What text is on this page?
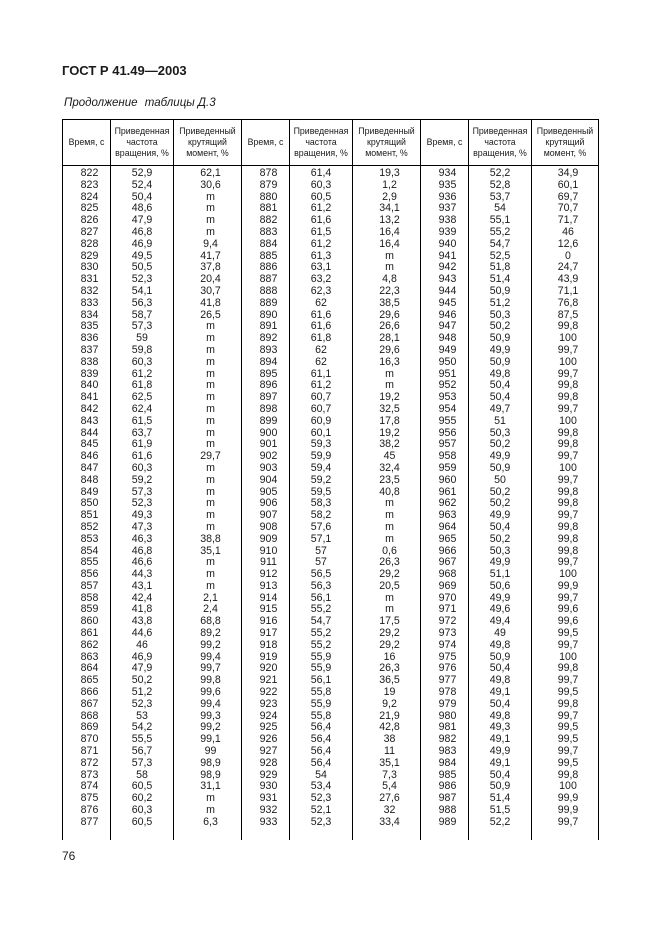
ГОСТ Р 41.49—2003
Продолжение таблицы Д.3
Время, с	Приведенная частота вращения, %	Приведенный крутящий момент, %	Время, с	Приведенная частота вращения, %	Приведенный крутящий момент, %	Время, с	Приведенная частота вращения, %	Приведенный крутящий момент, %
822	52,9	62,1	878	61,4	19,3	934	52,2	34,9
823	52,4	30,6	879	60,3	1,2	935	52,8	60,1
824	50,4	m	880	60,5	2,9	936	53,7	69,7
825	48,6	m	881	61,2	34,1	937	54	70,7
826	47,9	m	882	61,6	13,2	938	55,1	71,7
827	46,8	m	883	61,5	16,4	939	55,2	46
828	46,9	9,4	884	61,2	16,4	940	54,7	12,6
829	49,5	41,7	885	61,3	m	941	52,5	0
830	50,5	37,8	886	63,1	m	942	51,8	24,7
831	52,3	20,4	887	63,2	4,8	943	51,4	43,9
832	54,1	30,7	888	62,3	22,3	944	50,9	71,1
833	56,3	41,8	889	62	38,5	945	51,2	76,8
834	58,7	26,5	890	61,6	29,6	946	50,3	87,5
835	57,3	m	891	61,6	26,6	947	50,2	99,8
836	59	m	892	61,8	28,1	948	50,9	100
837	59,8	m	893	62	29,6	949	49,9	99,7
838	60,3	m	894	62	16,3	950	50,9	100
839	61,2	m	895	61,1	m	951	49,8	99,7
840	61,8	m	896	61,2	m	952	50,4	99,8
841	62,5	m	897	60,7	19,2	953	50,4	99,8
842	62,4	m	898	60,7	32,5	954	49,7	99,7
843	61,5	m	899	60,9	17,8	955	51	100
844	63,7	m	900	60,1	19,2	956	50,3	99,8
845	61,9	m	901	59,3	38,2	957	50,2	99,8
846	61,6	29,7	902	59,9	45	958	49,9	99,7
847	60,3	m	903	59,4	32,4	959	50,9	100
848	59,2	m	904	59,2	23,5	960	50	99,7
849	57,3	m	905	59,5	40,8	961	50,2	99,8
850	52,3	m	906	58,3	m	962	50,2	99,8
851	49,3	m	907	58,2	m	963	49,9	99,7
852	47,3	m	908	57,6	m	964	50,4	99,8
853	46,3	38,8	909	57,1	m	965	50,2	99,8
854	46,8	35,1	910	57	0,6	966	50,3	99,8
855	46,6	m	911	57	26,3	967	49,9	99,7
856	44,3	m	912	56,5	29,2	968	51,1	100
857	43,1	m	913	56,3	20,5	969	50,6	99,9
858	42,4	2,1	914	56,1	m	970	49,9	99,7
859	41,8	2,4	915	55,2	m	971	49,6	99,6
860	43,8	68,8	916	54,7	17,5	972	49,4	99,6
861	44,6	89,2	917	55,2	29,2	973	49	99,5
862	46	99,2	918	55,2	29,2	974	49,8	99,7
863	46,9	99,4	919	55,9	16	975	50,9	100
864	47,9	99,7	920	55,9	26,3	976	50,4	99,8
865	50,2	99,8	921	56,1	36,5	977	49,8	99,7
866	51,2	99,6	922	55,8	19	978	49,1	99,5
867	52,3	99,4	923	55,9	9,2	979	50,4	99,8
868	53	99,3	924	55,8	21,9	980	49,8	99,7
869	54,2	99,2	925	56,4	42,8	981	49,3	99,5
870	55,5	99,1	926	56,4	38	982	49,1	99,5
871	56,7	99	927	56,4	11	983	49,9	99,7
872	57,3	98,9	928	56,4	35,1	984	49,1	99,5
873	58	98,9	929	54	7,3	985	50,4	99,8
874	60,5	31,1	930	53,4	5,4	986	50,9	100
875	60,2	m	931	52,3	27,6	987	51,4	99,9
876	60,3	m	932	52,1	32	988	51,5	99,9
877	60,5	6,3	933	52,3	33,4	989	52,2	99,7

76
